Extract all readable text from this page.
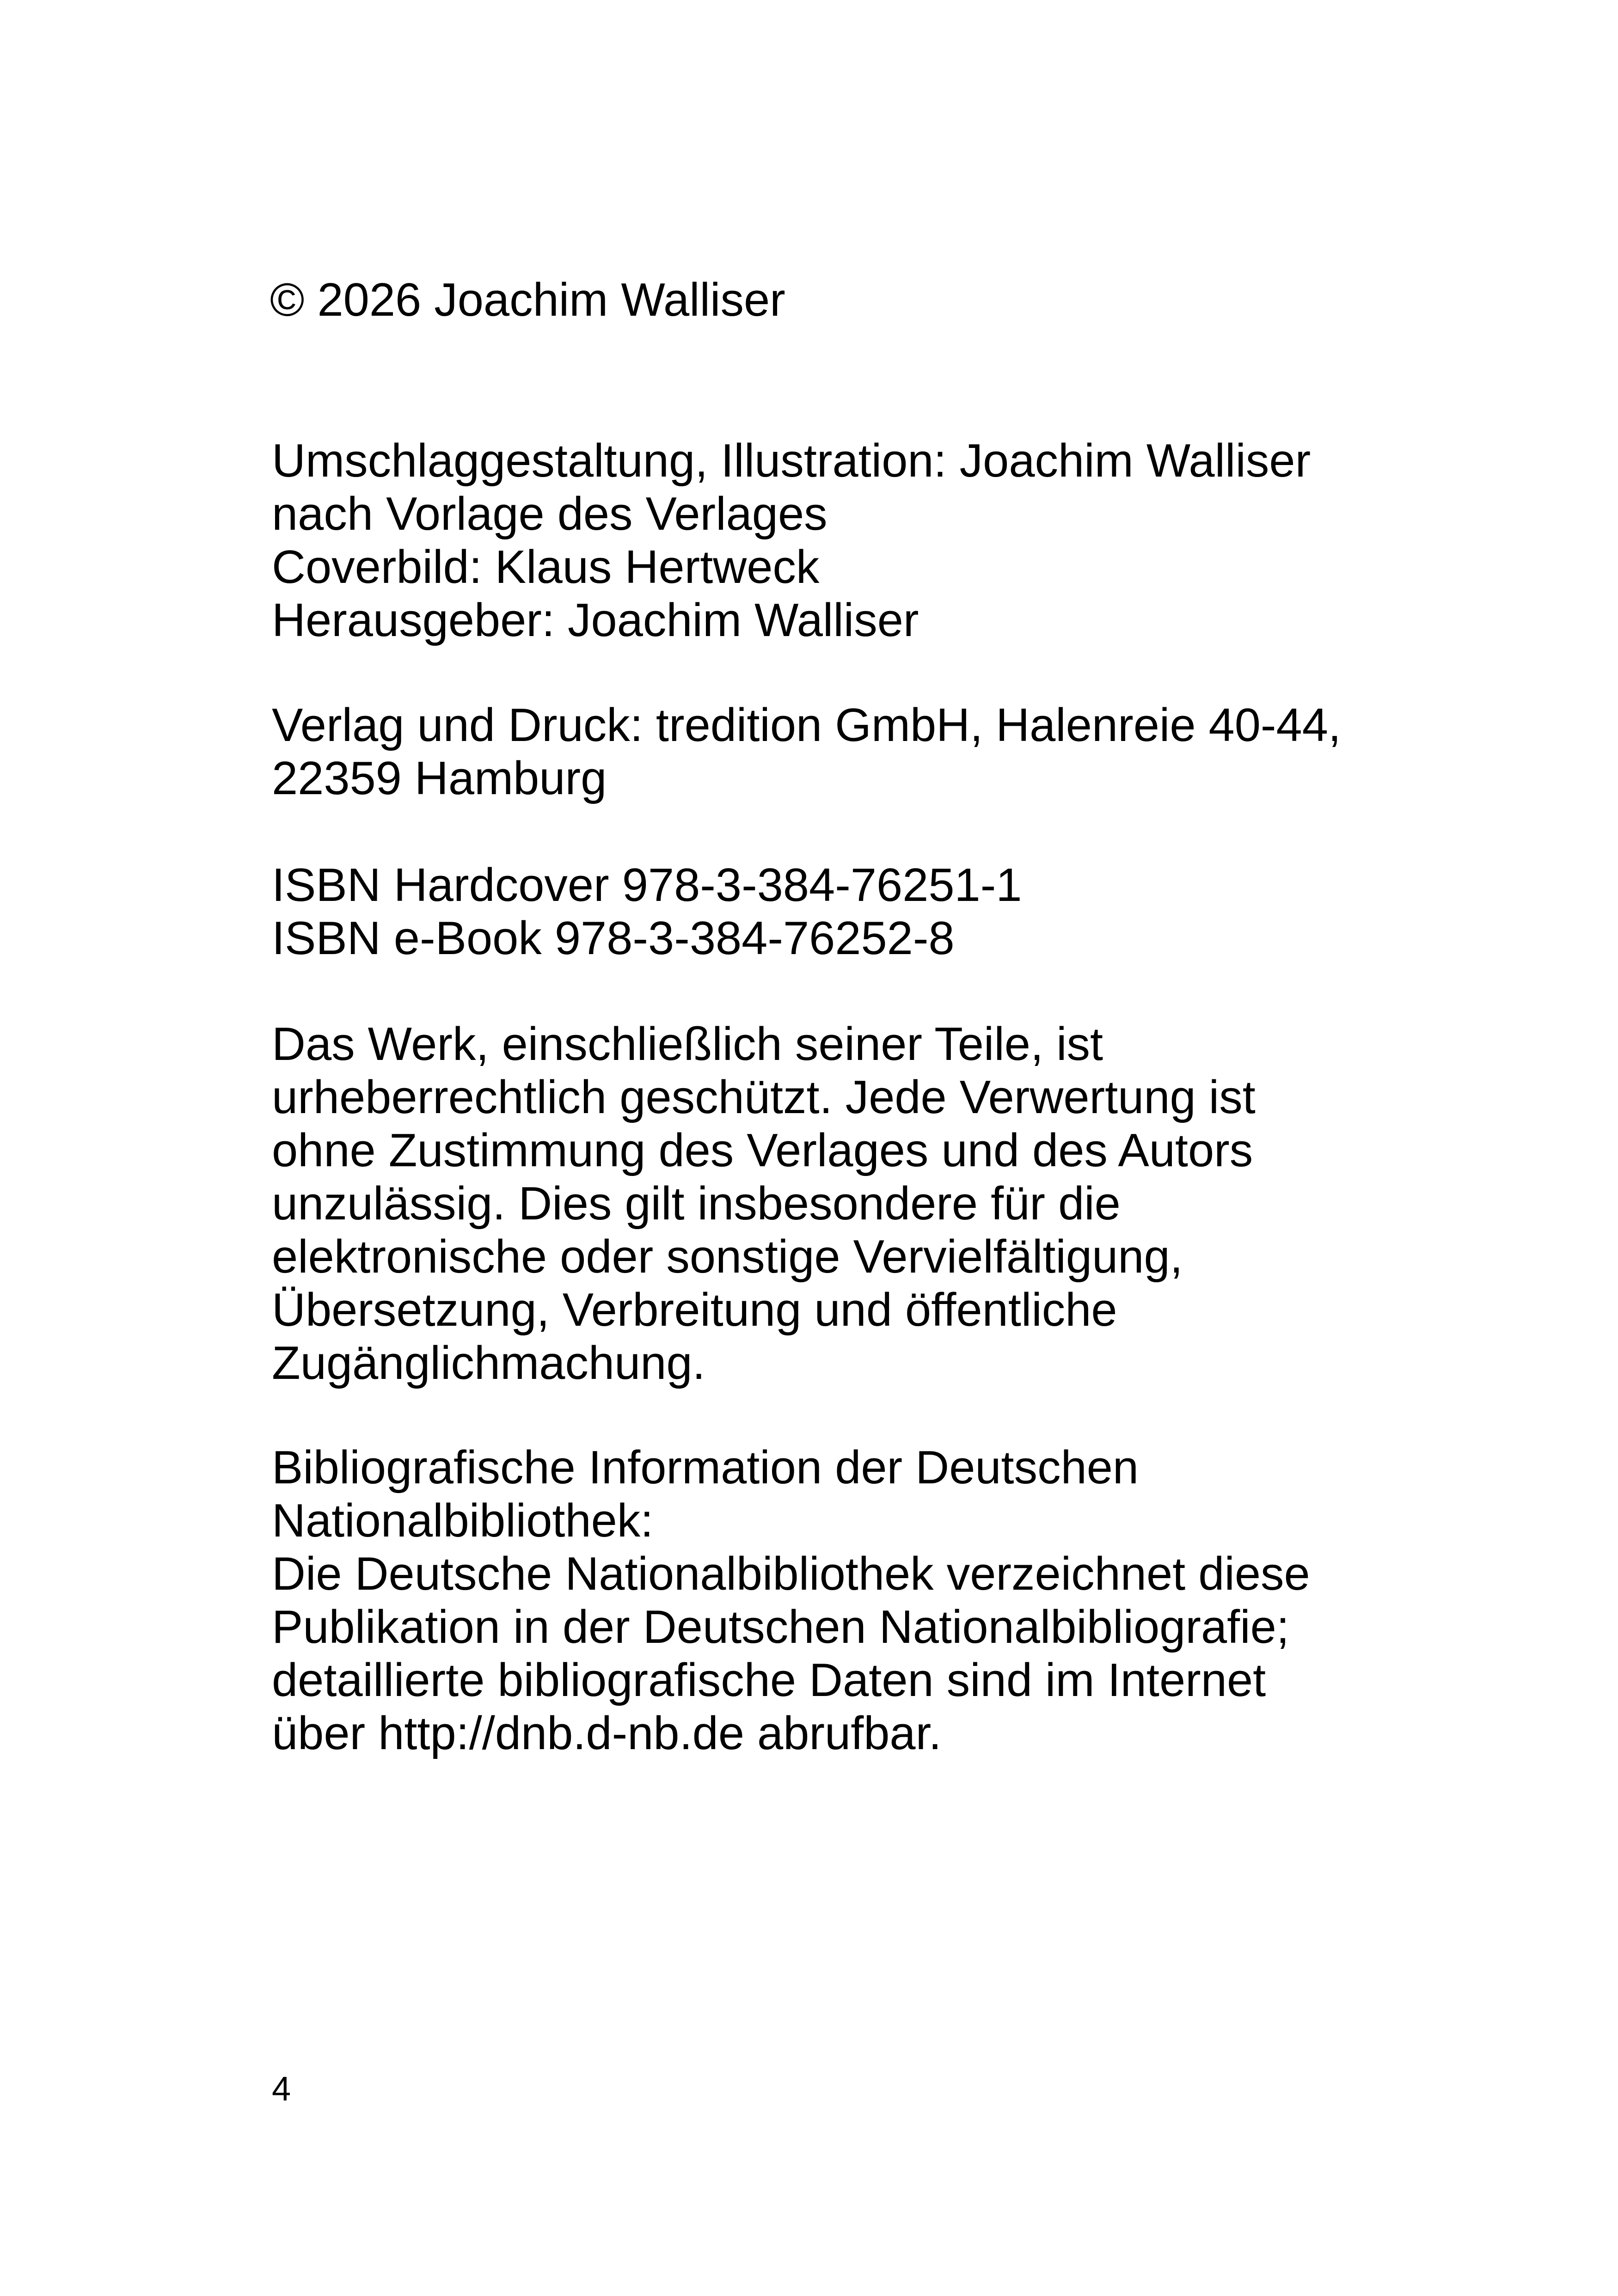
© 2026 Joachim Walliser

Umschlaggestaltung, Illustration: Joachim Walliser
nach Vorlage des Verlages
Coverbild: Klaus Hertweck
Herausgeber: Joachim Walliser

Verlag und Druck: tredition GmbH, Halenreie 40-44,
22359 Hamburg

ISBN Hardcover 978-3-384-76251-1
ISBN e-Book 978-3-384-76252-8

Das Werk, einschließlich seiner Teile, ist
urheberrechtlich geschützt. Jede Verwertung ist
ohne Zustimmung des Verlages und des Autors
unzulässig. Dies gilt insbesondere für die
elektronische oder sonstige Vervielfältigung,
Übersetzung, Verbreitung und öffentliche
Zugänglichmachung.

Bibliografische Information der Deutschen
Nationalbibliothek:
Die Deutsche Nationalbibliothek verzeichnet diese
Publikation in der Deutschen Nationalbibliografie;
detaillierte bibliografische Daten sind im Internet
über http://dnb.d-nb.de abrufbar.

4
